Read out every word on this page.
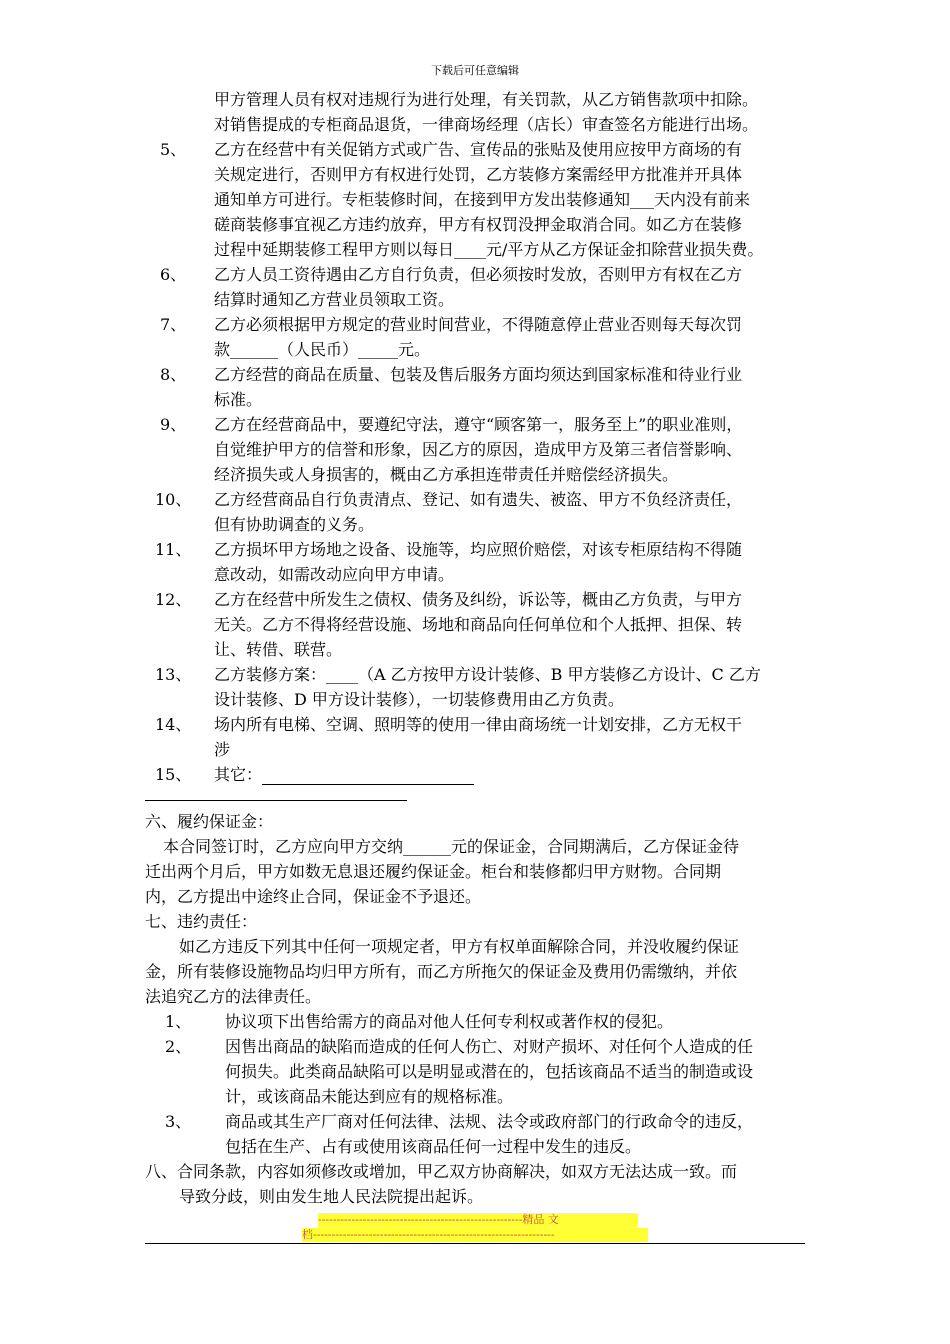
下载后可任意编辑
甲方管理人员有权对违规行为进行处理，有关罚款，从乙方销售款项中扣除。
对销售提成的专柜商品退货，一律商场经理（店长）审查签名方能进行出场。
5、 乙方在经营中有关促销方式或广告、宣传品的张贴及使用应按甲方商场的有
关规定进行，否则甲方有权进行处罚，乙方装修方案需经甲方批准并开具体
通知单方可进行。专柜装修时间，在接到甲方发出装修通知___天内没有前来
磋商装修事宜视乙方违约放弃，甲方有权罚没押金取消合同。如乙方在装修
过程中延期装修工程甲方则以每日____元/平方从乙方保证金扣除营业损失费。
6、 乙方人员工资待遇由乙方自行负责，但必须按时发放，否则甲方有权在乙方
结算时通知乙方营业员领取工资。
7、 乙方必须根据甲方规定的营业时间营业，不得随意停止营业否则每天每次罚
款______（人民币）_____元。
8、 乙方经营的商品在质量、包装及售后服务方面均须达到国家标准和待业行业
标准。
9、 乙方在经营商品中，要遵纪守法，遵守“顾客第一，服务至上”的职业准则，
自觉维护甲方的信誉和形象，因乙方的原因，造成甲方及第三者信誉影响、
经济损失或人身损害的，概由乙方承担连带责任并赔偿经济损失。
10、 乙方经营商品自行负责清点、登记、如有遗失、被盗、甲方不负经济责任，
但有协助调查的义务。
11、 乙方损坏甲方场地之设备、设施等，均应照价赔偿，对该专柜原结构不得随
意改动，如需改动应向甲方申请。
12、 乙方在经营中所发生之债权、债务及纠纷，诉讼等，概由乙方负责，与甲方
无关。乙方不得将经营设施、场地和商品向任何单位和个人抵押、担保、转
让、转借、联营。
13、 乙方装修方案：____（A 乙方按甲方设计装修、B 甲方装修乙方设计、C 乙方
设计装修、D 甲方设计装修），一切装修费用由乙方负责。
14、 场内所有电梯、空调、照明等的使用一律由商场统一计划安排，乙方无权干
涉
15、 其它：
六、履约保证金：
本合同签订时，乙方应向甲方交纳______元的保证金，合同期满后，乙方保证金待
迁出两个月后，甲方如数无息退还履约保证金。柜台和装修都归甲方财物。合同期
内，乙方提出中途终止合同，保证金不予退还。
七、违约责任：
如乙方违反下列其中任何一项规定者，甲方有权单面解除合同，并没收履约保证
金，所有装修设施物品均归甲方所有，而乙方所拖欠的保证金及费用仍需缴纳，并依
法追究乙方的法律责任。
1、 协议项下出售给需方的商品对他人任何专利权或著作权的侵犯。
2、 因售出商品的缺陷而造成的任何人伤亡、对财产损坏、对任何个人造成的任
何损失。此类商品缺陷可以是明显或潜在的，包括该商品不适当的制造或设
计，或该商品未能达到应有的规格标准。
3、 商品或其生产厂商对任何法律、法规、法令或政府部门的行政命令的违反，
包括在生产、占有或使用该商品任何一过程中发生的违反。
八、合同条款，内容如须修改或增加，甲乙双方协商解决，如双方无法达成一致。而
导致分歧，则由发生地人民法院提出起诉。
-------------------------------------------------------精品 文
档-----------------------------------------------------------------
